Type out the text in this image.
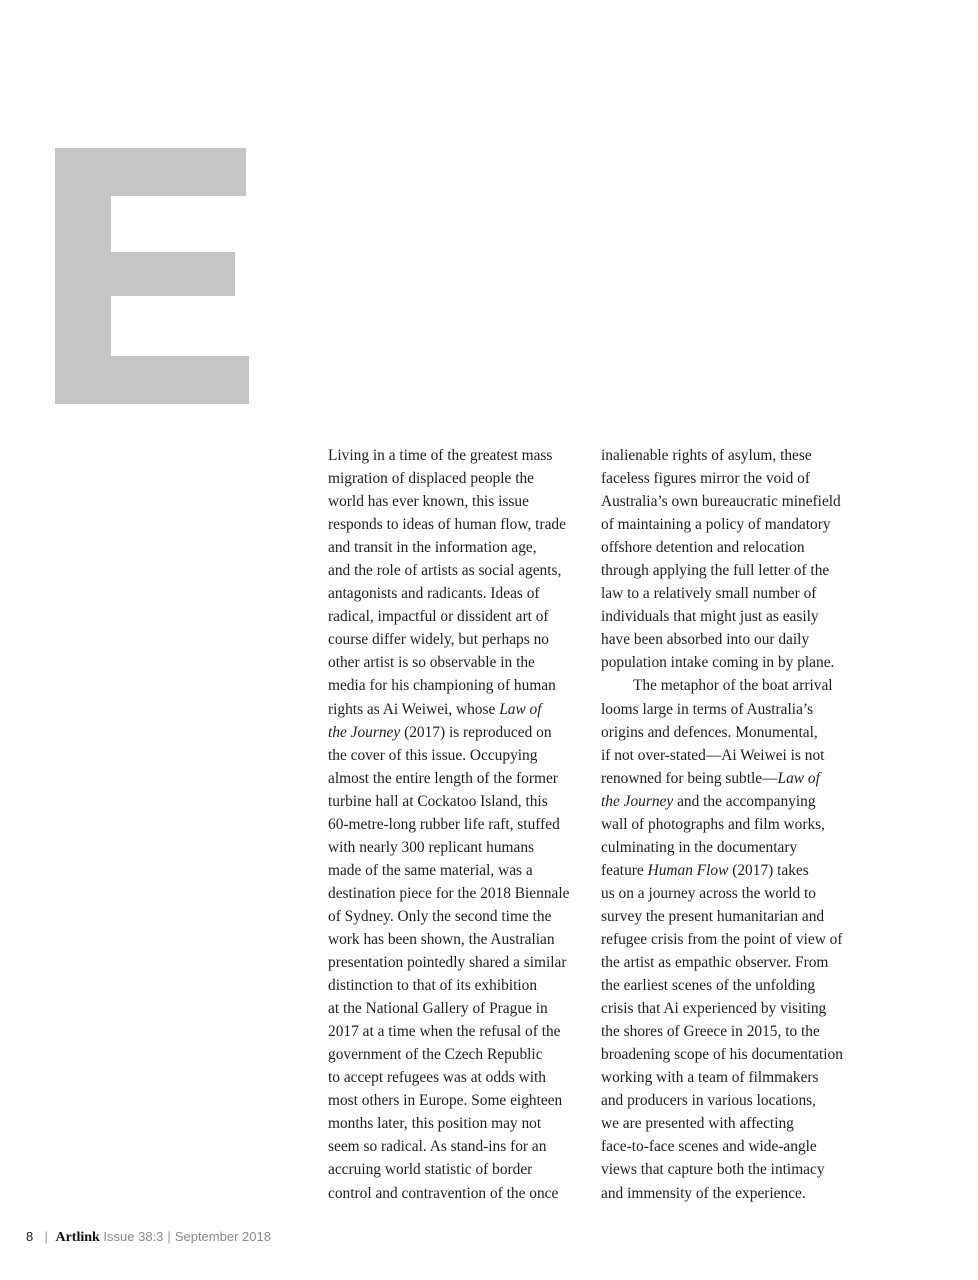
Living in a time of the greatest mass
migration of displaced people the
world has ever known, this issue
responds to ideas of human flow, trade
and transit in the information age,
and the role of artists as social agents,
antagonists and radicants. Ideas of
radical, impactful or dissident art of
course differ widely, but perhaps no
other artist is so observable in the
media for his championing of human
rights as Ai Weiwei, whose Law of
the Journey (2017) is reproduced on
the cover of this issue. Occupying
almost the entire length of the former
turbine hall at Cockatoo Island, this
60-metre-long rubber life raft, stuffed
with nearly 300 replicant humans
made of the same material, was a
destination piece for the 2018 Biennale
of Sydney. Only the second time the
work has been shown, the Australian
presentation pointedly shared a similar
distinction to that of its exhibition
at the National Gallery of Prague in
2017 at a time when the refusal of the
government of the Czech Republic
to accept refugees was at odds with
most others in Europe. Some eighteen
months later, this position may not
seem so radical. As stand-ins for an
accruing world statistic of border
control and contravention of the once
inalienable rights of asylum, these
faceless figures mirror the void of
Australia’s own bureaucratic minefield
of maintaining a policy of mandatory
offshore detention and relocation
through applying the full letter of the
law to a relatively small number of
individuals that might just as easily
have been absorbed into our daily
population intake coming in by plane.
The metaphor of the boat arrival
looms large in terms of Australia’s
origins and defences. Monumental,
if not over-stated—Ai Weiwei is not
renowned for being subtle—Law of
the Journey and the accompanying
wall of photographs and film works,
culminating in the documentary
feature Human Flow (2017) takes
us on a journey across the world to
survey the present humanitarian and
refugee crisis from the point of view of
the artist as empathic observer. From
the earliest scenes of the unfolding
crisis that Ai experienced by visiting
the shores of Greece in 2015, to the
broadening scope of his documentation
working with a team of filmmakers
and producers in various locations,
we are presented with affecting
face-to-face scenes and wide-angle
views that capture both the intimacy
and immensity of the experience.
8  | Artlink Issue 38:3 | September 2018
